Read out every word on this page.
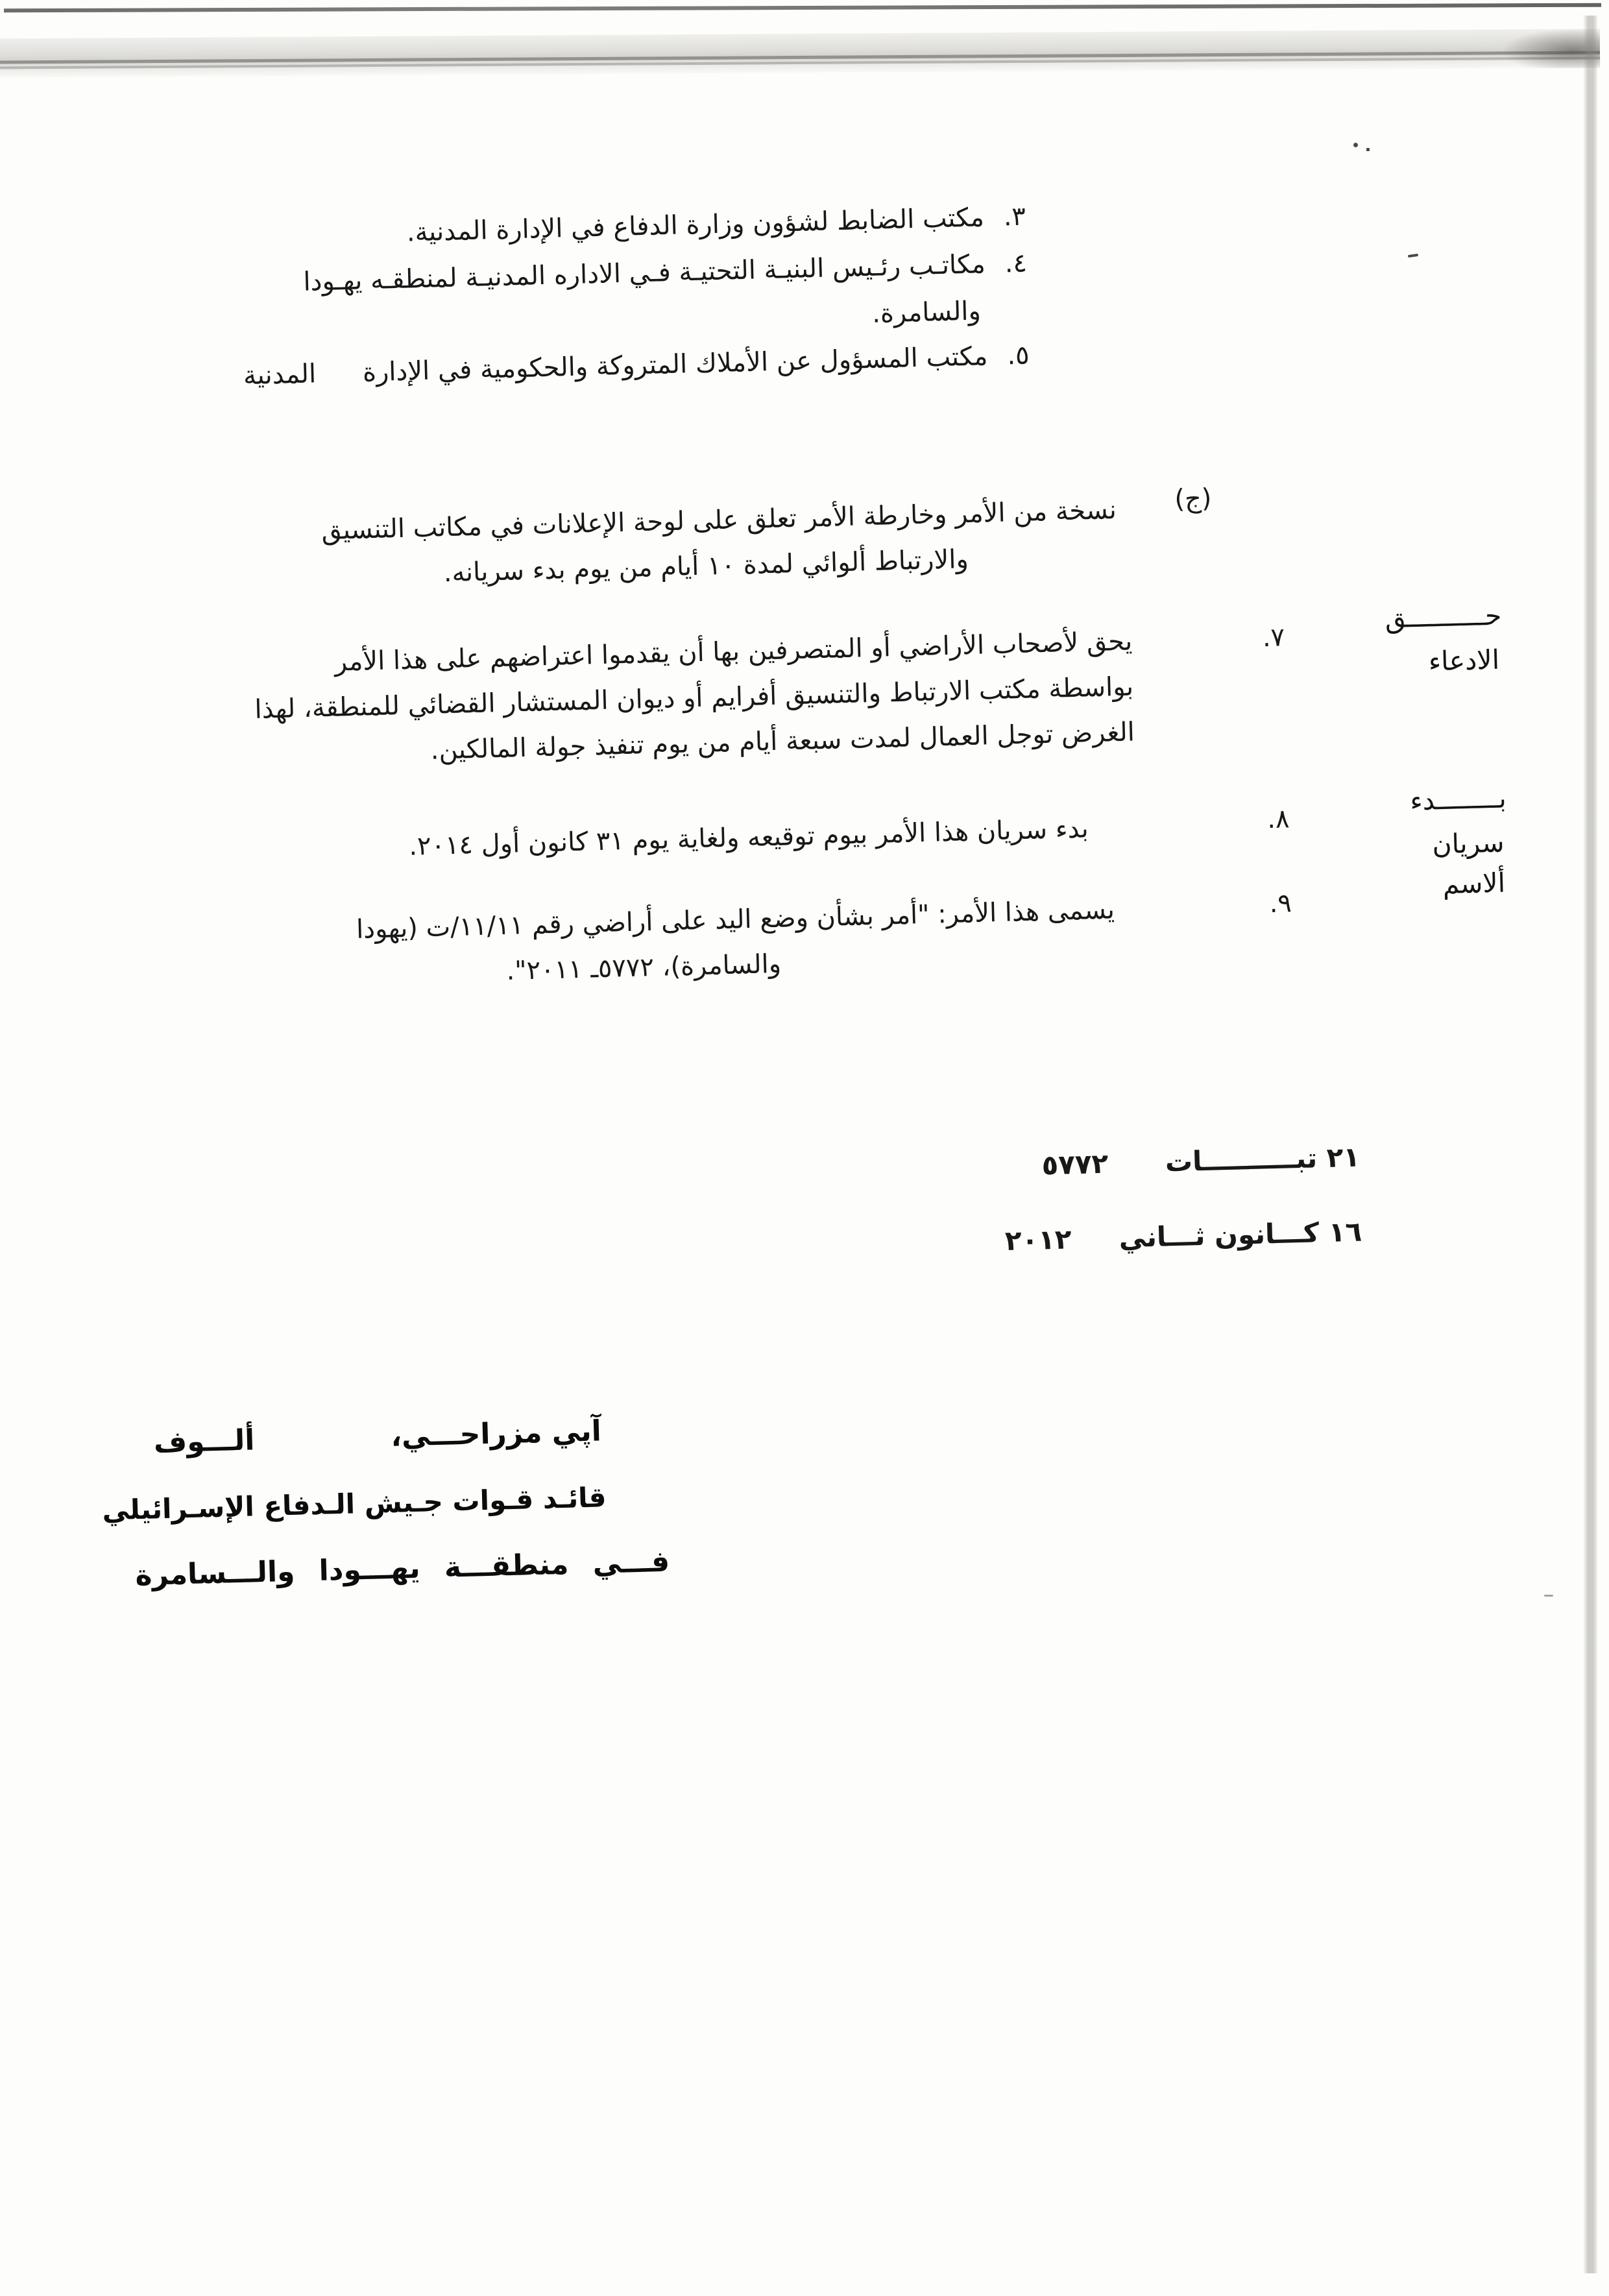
٣.مكتب الضابط لشؤون وزارة الدفاع في الإدارة المدنية.
٤.مكاتـب رئـيس البنيـة التحتيـة فـي الاداره المدنيـة لمنطقـه يهـودا
والسامرة.
٥.مكتب المسؤول عن الأملاك المتروكة والحكومية في الإدارةالمدنية
(ج)
نسخة من الأمر وخارطة الأمر تعلق على لوحة الإعلانات في مكاتب التنسيق
والارتباط ألوائي لمدة ١٠ أيام من يوم بدء سريانه.
حــــــــــق
الادعاء
٧.
يحق لأصحاب الأراضي أو المتصرفين بها أن يقدموا اعتراضهم على هذا الأمر
بواسطة مكتب الارتباط والتنسيق أفرايم أو ديوان المستشار القضائي للمنطقة، لهذا
الغرض توجل العمال لمدت سبعة أيام من يوم تنفيذ جولة المالكين.
بــــــــدء
سريان
٨.
بدء سريان هذا الأمر بيوم توقيعه ولغاية يوم ٣١ كانون أول ٢٠١٤.
ألاسم
٩.
يسمى هذا الأمر: "أمر بشأن وضع اليد على أراضي رقم ١١/١١/ت (يهودا
والسامرة)، ٥٧٧٢ـ ٢٠١١".
٢١ تبــــــــــات      ٥٧٧٢
١٦ كـــانون ثـــاني     ٢٠١٢
آپي مزراحـــي،
ألـــوف
قائـد قـوات جـيش الـدفاع الإسـرائيلي
فـــي منطقـــة يهـــودا والـــسامرة
